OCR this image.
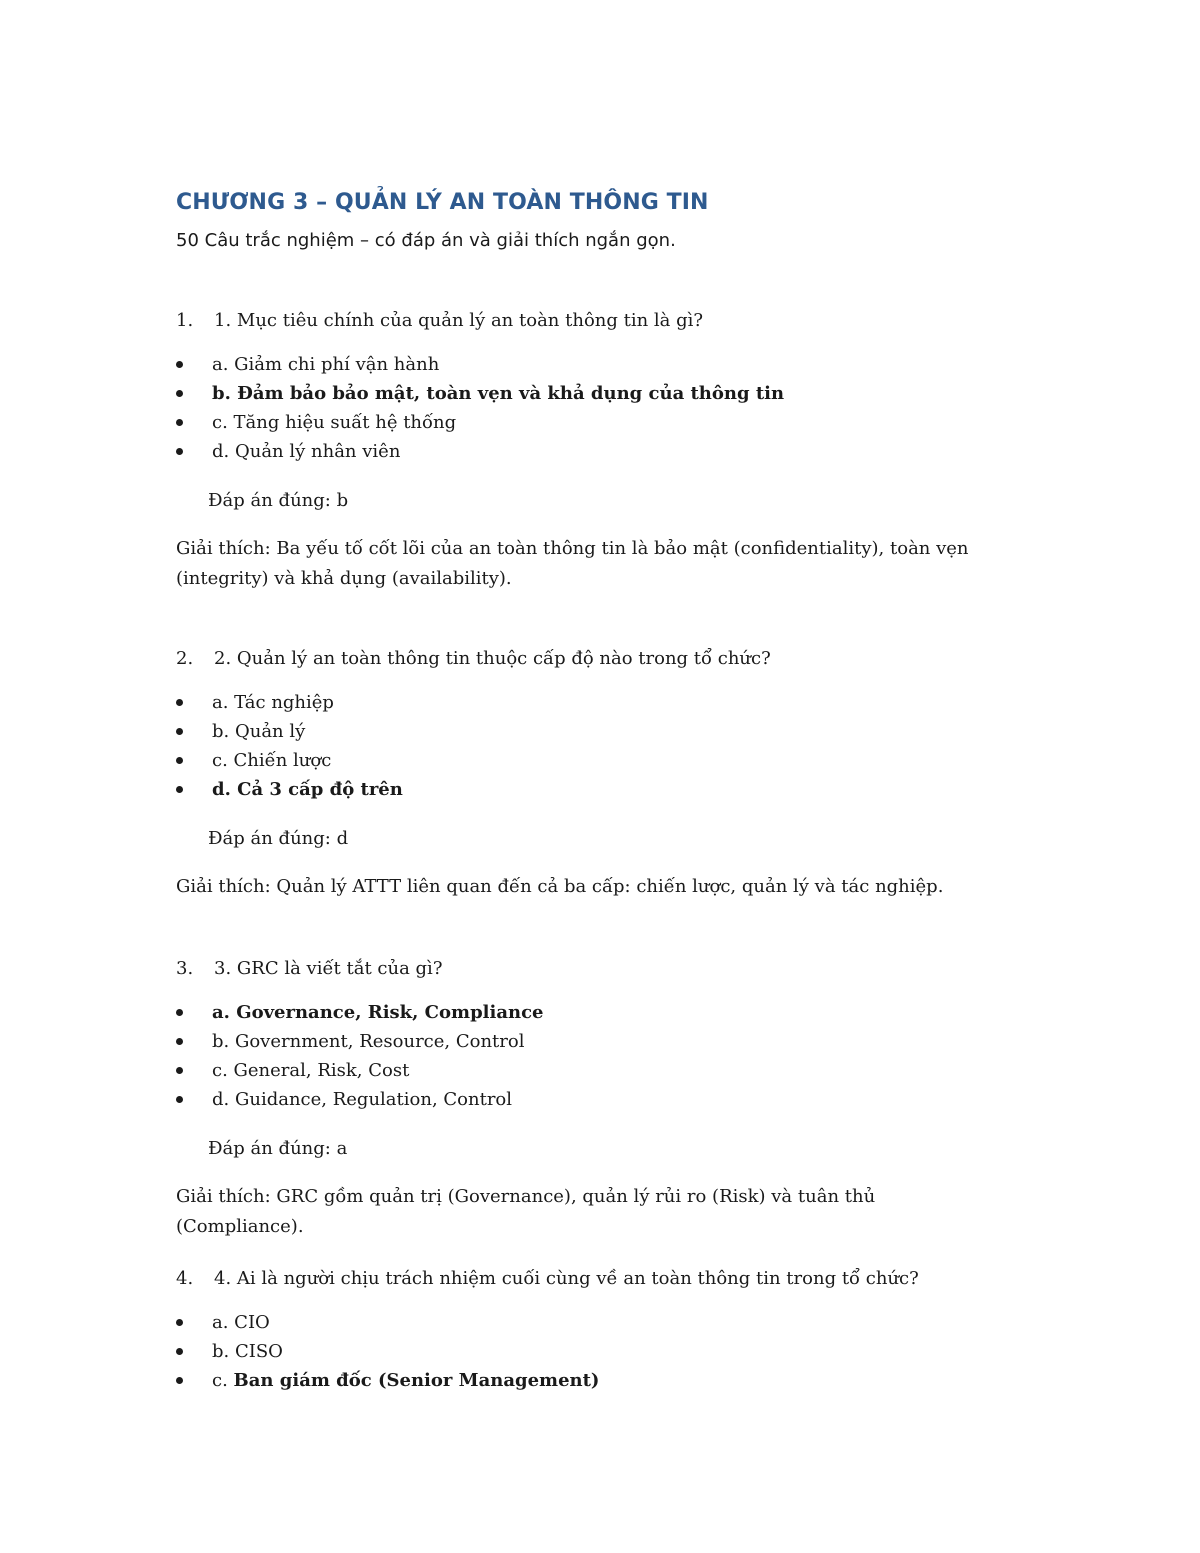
CHƯƠNG 3 – QUẢN LÝ AN TOÀN THÔNG TIN

50 Câu trắc nghiệm – có đáp án và giải thích ngắn gọn.

1. 1. Mục tiêu chính của quản lý an toàn thông tin là gì?
a. Giảm chi phí vận hành
b. Đảm bảo bảo mật, toàn vẹn và khả dụng của thông tin
c. Tăng hiệu suất hệ thống
d. Quản lý nhân viên
Đáp án đúng: b
Giải thích: Ba yếu tố cốt lõi của an toàn thông tin là bảo mật (confidentiality), toàn vẹn (integrity) và khả dụng (availability).
2. 2. Quản lý an toàn thông tin thuộc cấp độ nào trong tổ chức?
a. Tác nghiệp
b. Quản lý
c. Chiến lược
d. Cả 3 cấp độ trên
Đáp án đúng: d
Giải thích: Quản lý ATTT liên quan đến cả ba cấp: chiến lược, quản lý và tác nghiệp.
3. 3. GRC là viết tắt của gì?
a. Governance, Risk, Compliance
b. Government, Resource, Control
c. General, Risk, Cost
d. Guidance, Regulation, Control
Đáp án đúng: a
Giải thích: GRC gồm quản trị (Governance), quản lý rủi ro (Risk) và tuân thủ (Compliance).
4. 4. Ai là người chịu trách nhiệm cuối cùng về an toàn thông tin trong tổ chức?
a. CIO
b. CISO
c. Ban giám đốc (Senior Management)
